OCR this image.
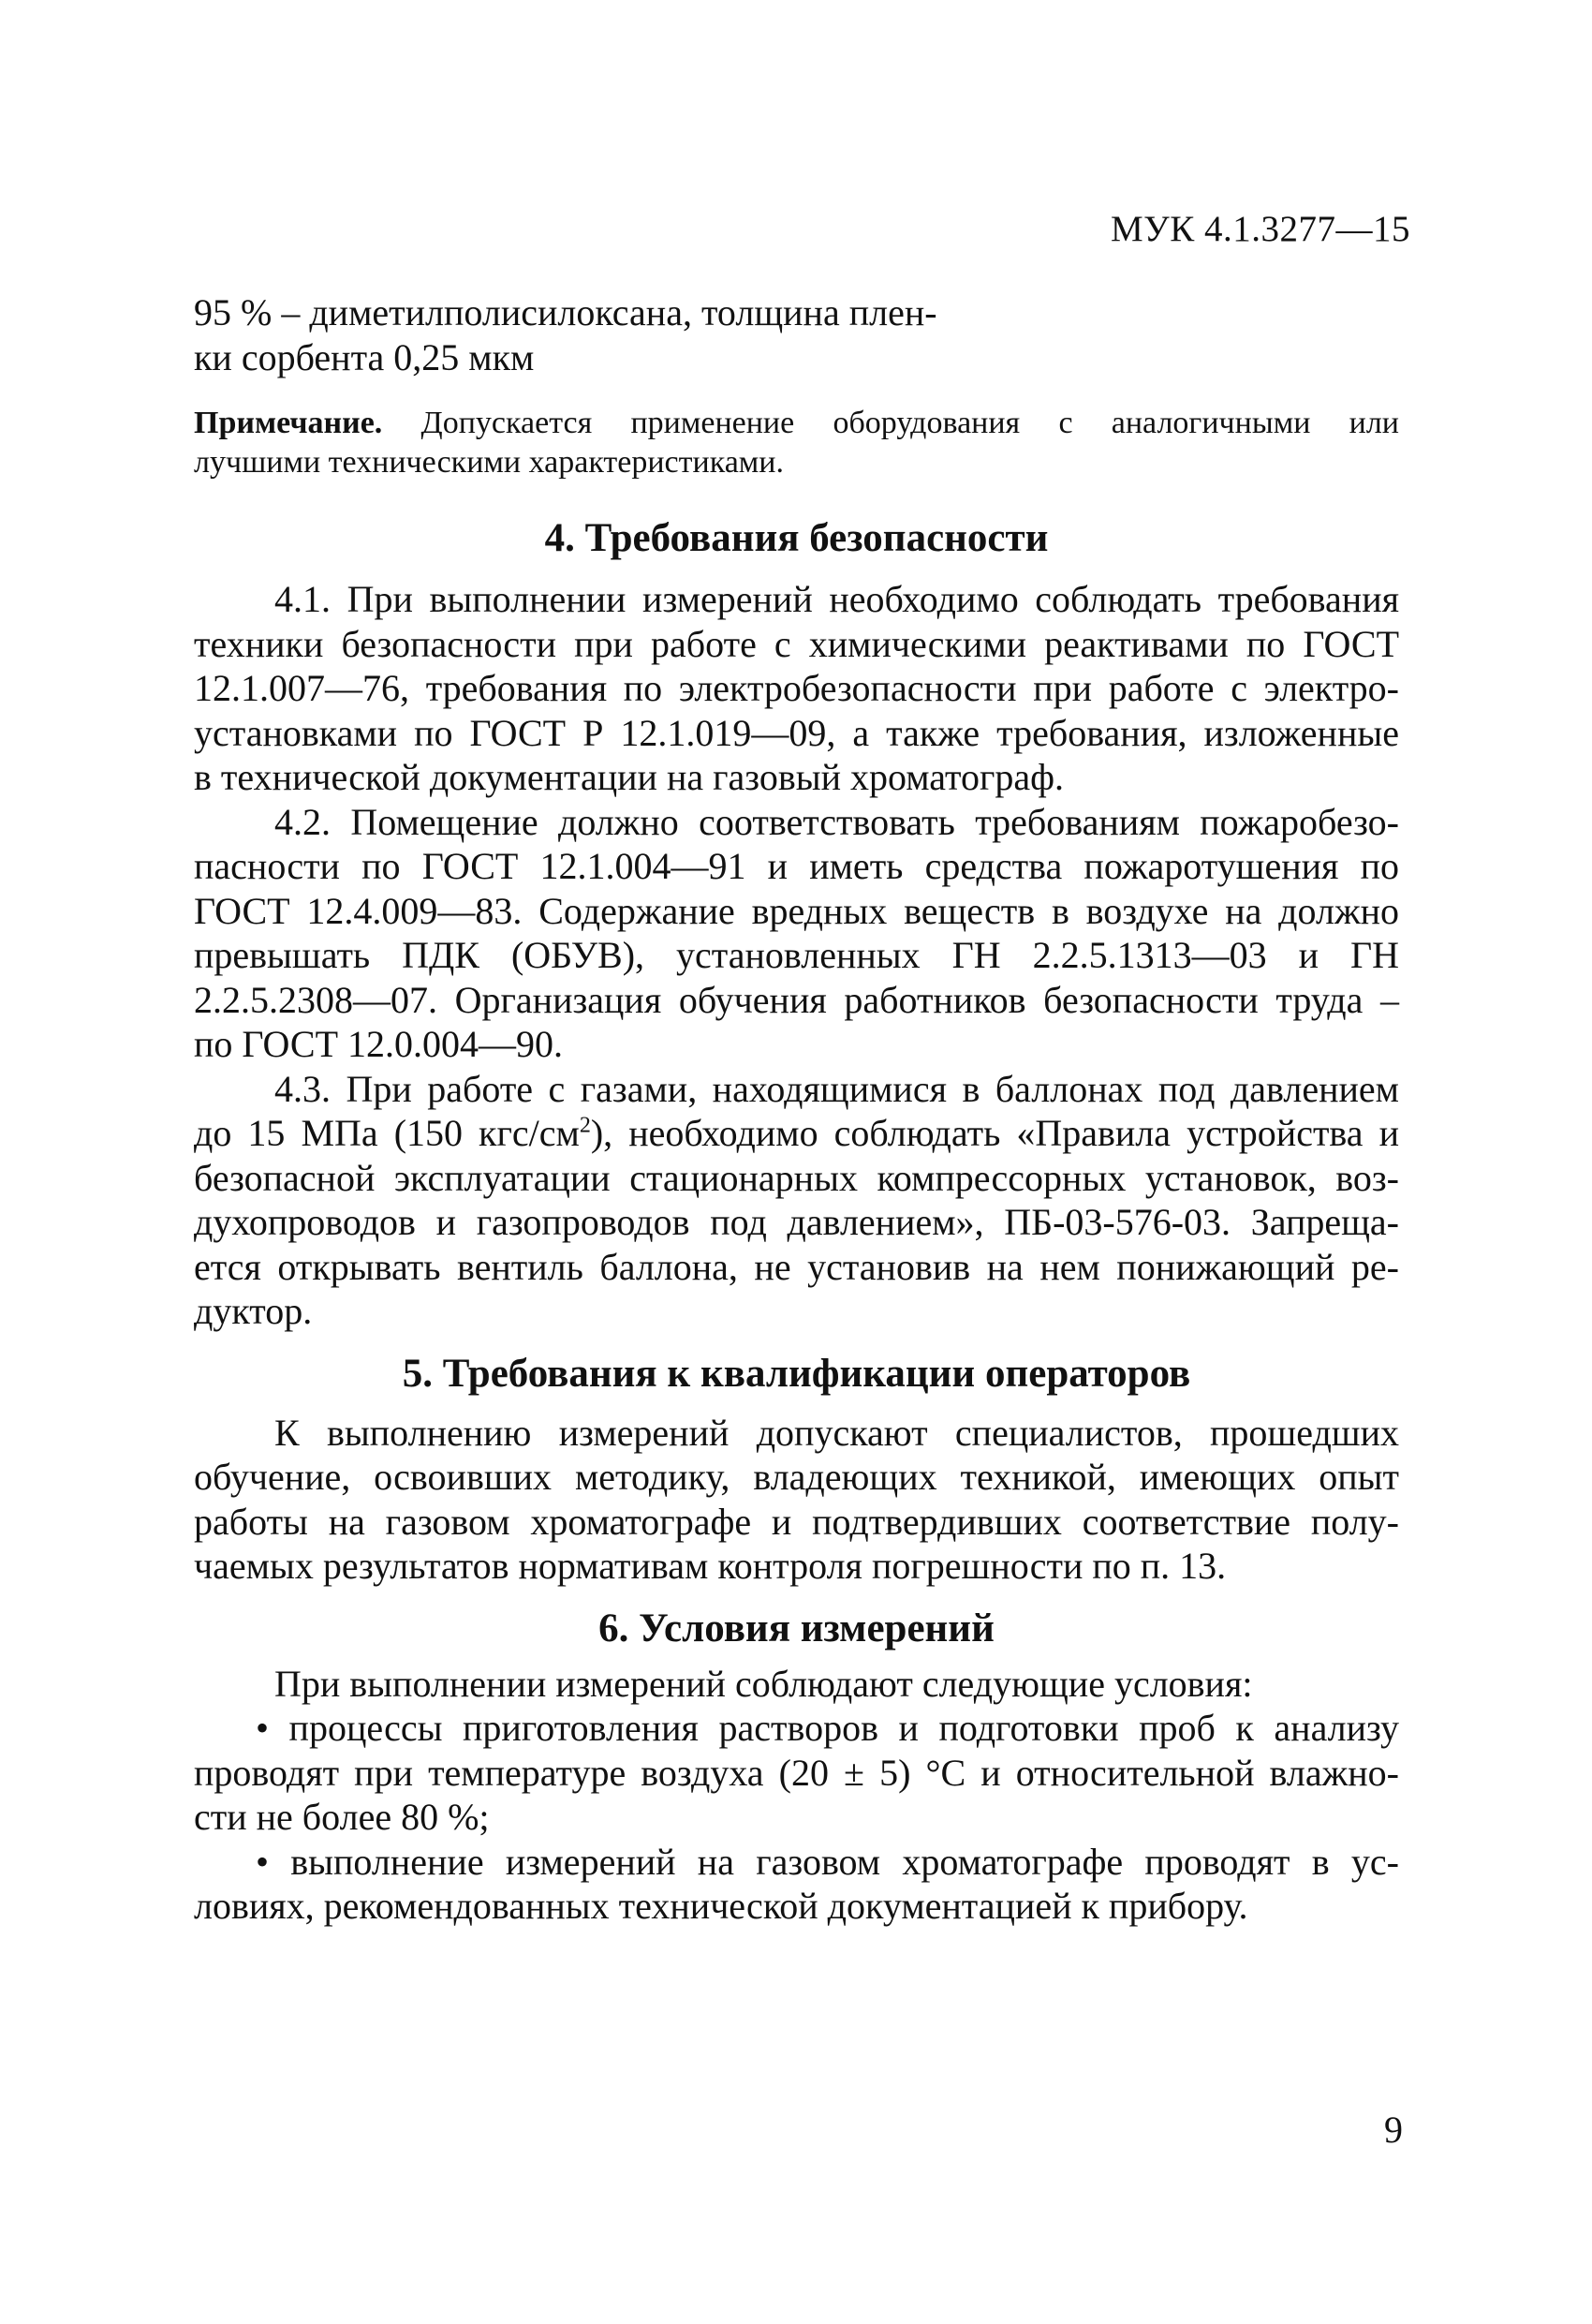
МУК 4.1.3277—15
95 % – диметилполисилоксана, толщина плен-
ки сорбента 0,25 мкм
Примечание. Допускается применение оборудования с аналогичными или
лучшими техническими характеристиками.
4. Требования безопасности
4.1. При выполнении измерений необходимо соблюдать требования
техники безопасности при работе с химическими реактивами по ГОСТ
12.1.007—76, требования по электробезопасности при работе с электро-
установками по ГОСТ Р 12.1.019—09, а также требования, изложенные
в технической документации на газовый хроматограф.
4.2. Помещение должно соответствовать требованиям пожаробезо-
пасности по ГОСТ 12.1.004—91 и иметь средства пожаротушения по
ГОСТ 12.4.009—83. Содержание вредных веществ в воздухе на должно
превышать ПДК (ОБУВ), установленных ГН 2.2.5.1313—03 и ГН
2.2.5.2308—07. Организация обучения работников безопасности труда –
по ГОСТ 12.0.004—90.
4.3. При работе с газами, находящимися в баллонах под давлением
до 15 МПа (150 кгс/$см^2$), необходимо соблюдать «Правила устройства и
безопасной эксплуатации стационарных компрессорных установок, воз-
духопроводов и газопроводов под давлением», ПБ-03-576-03. Запреща-
ется открывать вентиль баллона, не установив на нем понижающий ре-
дуктор.
5. Требования к квалификации операторов
К выполнению измерений допускают специалистов, прошедших
обучение, освоивших методику, владеющих техникой, имеющих опыт
работы на газовом хроматографе и подтвердивших соответствие полу-
чаемых результатов нормативам контроля погрешности по п. 13.
6. Условия измерений
При выполнении измерений соблюдают следующие условия:
• процессы приготовления растворов и подготовки проб к анализу
проводят при температуре воздуха (20 ± 5) °С и относительной влажно-
сти не более 80 %;
• выполнение измерений на газовом хроматографе проводят в ус-
ловиях, рекомендованных технической документацией к прибору.
9
